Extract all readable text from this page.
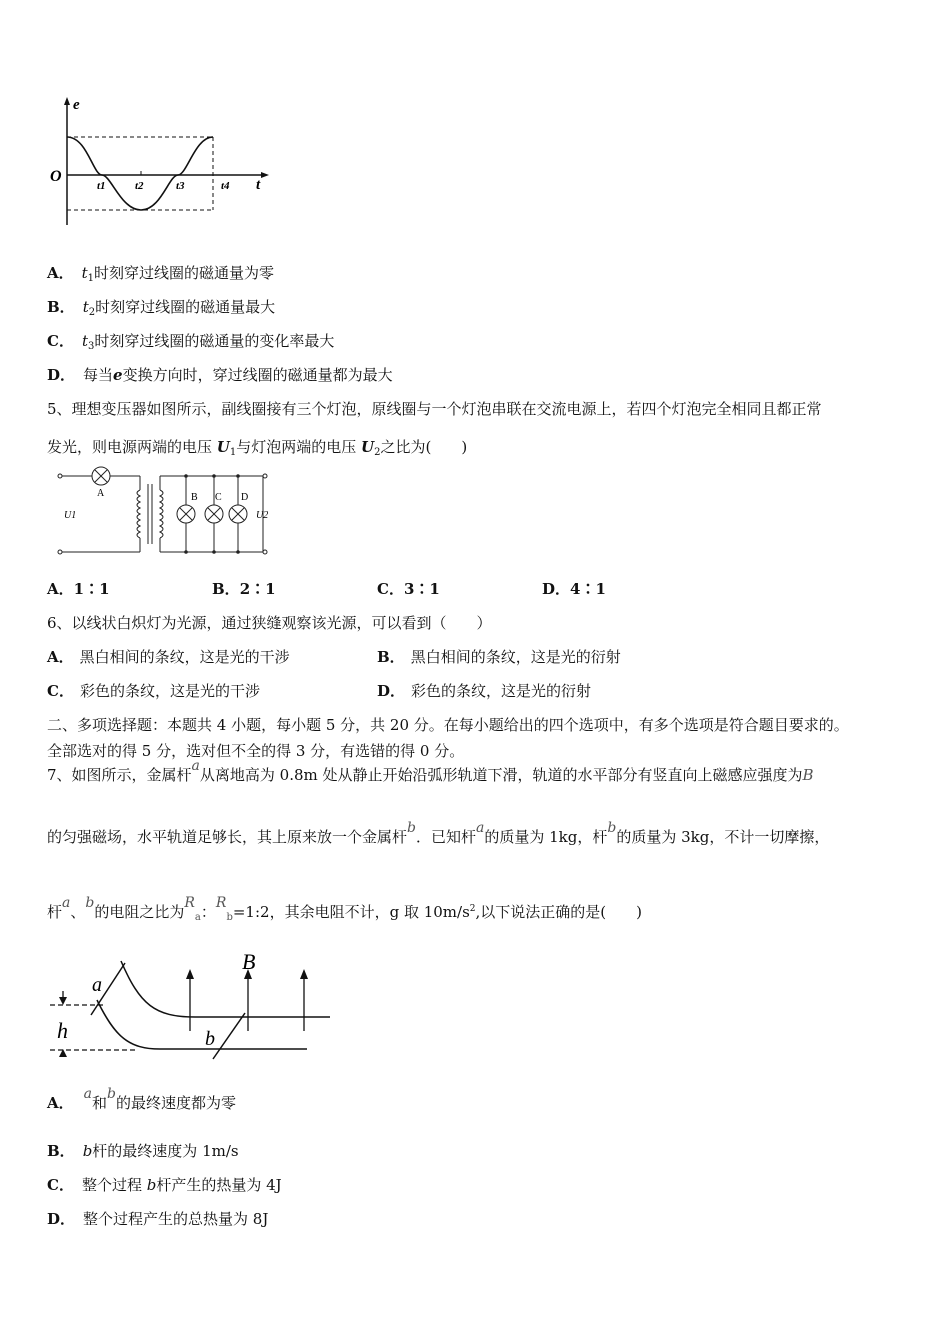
e
t
O
t1	t2	t3	t4
A． $t_1$时刻穿过线圈的磁通量为零
B． $t_2$时刻穿过线圈的磁通量最大
C． $t_3$时刻穿过线圈的磁通量的变化率最大
D． 每当e变换方向时，穿过线圈的磁通量都为最大
5、理想变压器如图所示，副线圈接有三个灯泡，原线圈与一个灯泡串联在交流电源上，若四个灯泡完全相同且都正常
发光，则电源两端的电压 $U_1$与灯泡两端的电压 $U_2$之比为(　　)
A	B C D
U1	U2
A．1∶1	B．2∶1	C．3∶1	D．4∶1
6、以线状白炽灯为光源，通过狭缝观察该光源，可以看到（　　）
A． 黑白相间的条纹，这是光的干涉	B． 黑白相间的条纹，这是光的衍射
C． 彩色的条纹，这是光的干涉	D． 彩色的条纹，这是光的衍射
二、多项选择题：本题共 4 小题，每小题 5 分，共 20 分。在每小题给出的四个选项中，有多个选项是符合题目要求的。
全部选对的得 5 分，选对但不全的得 3 分，有选错的得 0 分。
7、如图所示，金属杆a从离地高为 0.8m 处从静止开始沿弧形轨道下滑，轨道的水平部分有竖直向上磁感应强度为B
的匀强磁场，水平轨道足够长，其上原来放一个金属杆b．已知杆a的质量为 1kg，杆b的质量为 3kg，不计一切摩擦，
杆a、b的电阻之比为$R_a$：$R_b=1:2$，其余电阻不计，g 取 $10m/s^2$,以下说法正确的是(　　)
a
b
B
h
A． a和b的最终速度都为零
B． b杆的最终速度为 1m/s
C． 整个过程 b杆产生的热量为 4J
D． 整个过程产生的总热量为 8J
